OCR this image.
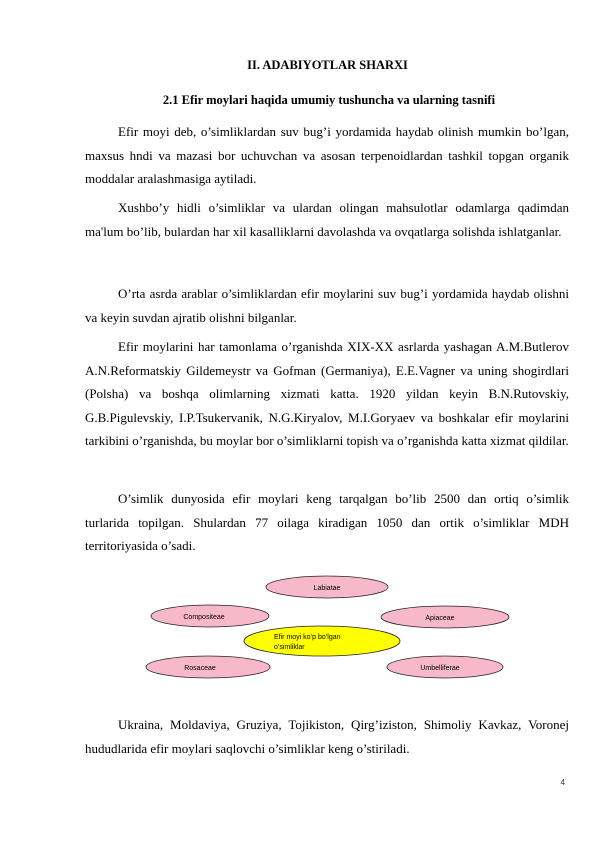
II. ADABIYOTLAR SHARXI
2.1 Efir moylari haqida umumiy tushuncha va ularning tasnifi

Efir moyi deb, o’simliklardan suv bug’i yordamida haydab olinish mumkin bo’lgan, maxsus hndi va mazasi bor uchuvchan va asosan terpenoidlardan tashkil topgan organik moddalar aralashmasiga aytiladi.

Xushbo’y hidli o’simliklar va ulardan olingan mahsulotlar odamlarga qadimdan ma'lum bo’lib, bulardan har xil kasalliklarni davolashda va ovqatlarga solishda ishlatganlar.

O’rta asrda arablar o’simliklardan efir moylarini suv bug’i yordamida haydab olishni va keyin suvdan ajratib olishni bilganlar.

Efir moylarini har tamonlama o’rganishda XIX-XX asrlarda yashagan A.M.Butlerov A.N.Reformatskiy Gildemeystr va Gofman (Germaniya), E.E.Vagner va uning shogirdlari (Polsha) va boshqa olimlarning xizmati katta. 1920 yildan keyin B.N.Rutovskiy, G.B.Pigulevskiy, I.P.Tsukervanik, N.G.Kiryalov, M.I.Goryaev va boshkalar efir moylarini tarkibini o’rganishda, bu moylar bor o’simliklarni topish va o’rganishda katta xizmat qildilar.

O’simlik dunyosida efir moylari keng tarqalgan bo’lib 2500 dan ortiq o’simlik turlarida topilgan. Shulardan 77 oilaga kiradigan 1050 dan ortik o’simliklar MDH territoriyasida o’sadi.

Labiatae
Compositeae	Apiaceae
Efir moyi ko’p bo’lgan
o’simliklar
Rosaceae	Umbelliferae

Ukraina, Moldaviya, Gruziya, Tojikiston, Qirg’iziston, Shimoliy Kavkaz, Voronej hududlarida efir moylari saqlovchi o’simliklar keng o’stiriladi.

4
